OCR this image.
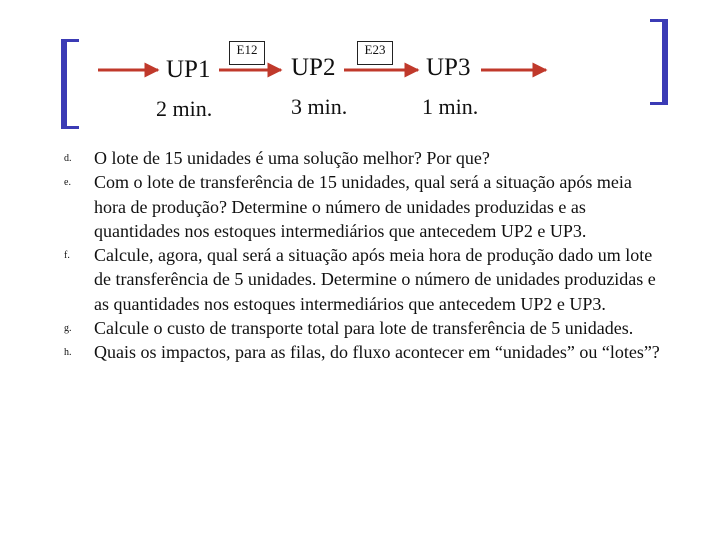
UP1	UP2	UP3
2 min.	3 min.	1 min.
E12	E23
d. O lote de 15 unidades é uma solução melhor? Por que?
e. Com o lote de transferência de 15 unidades, qual será a situação após meia hora de produção? Determine o número de unidades produzidas e as quantidades nos estoques intermediários que antecedem UP2 e UP3.
f. Calcule, agora, qual será a situação após meia hora de produção dado um lote de transferência de 5 unidades. Determine o número de unidades produzidas e as quantidades nos estoques intermediários que antecedem UP2 e UP3.
g. Calcule o custo de transporte total para lote de transferência de 5 unidades.
h. Quais os impactos, para as filas, do fluxo acontecer em “unidades” ou “lotes”?
